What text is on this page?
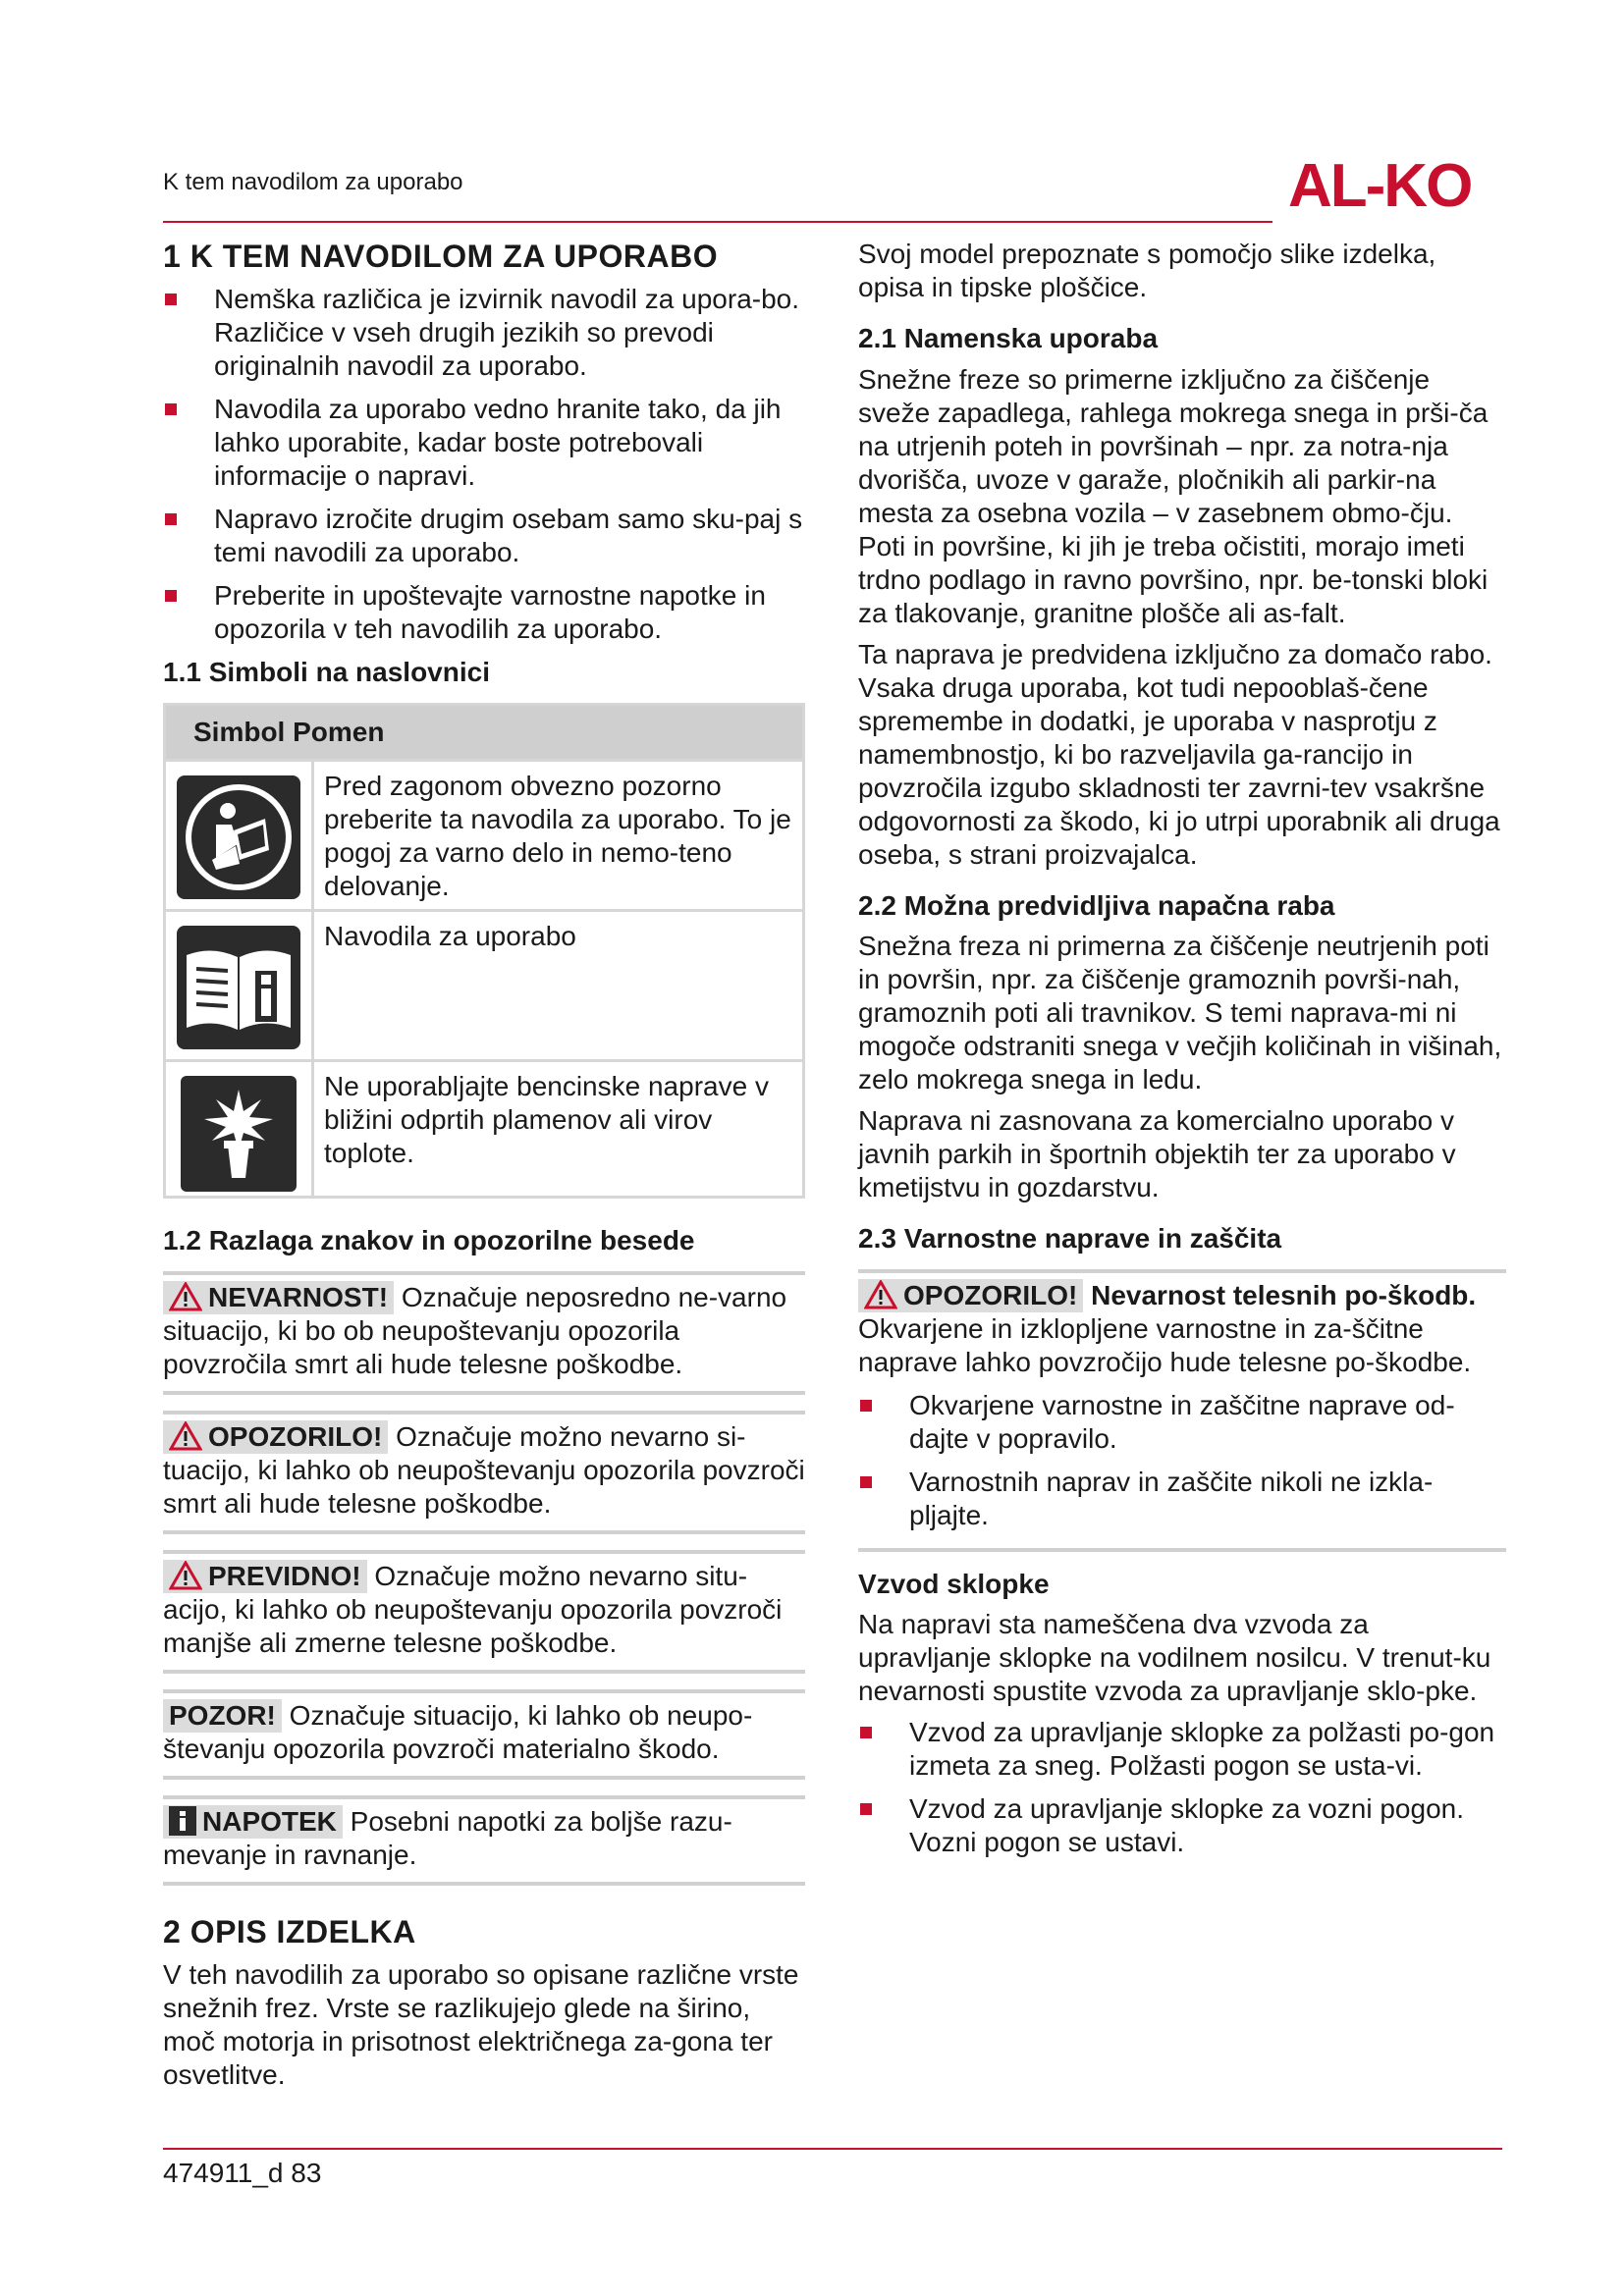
K tem navodilom za uporabo	AL-KO
1 K TEM NAVODILOM ZA UPORABO
Nemška različica je izvirnik navodil za upora-bo. Različice v vseh drugih jezikih so prevodi originalnih navodil za uporabo.
Navodila za uporabo vedno hranite tako, da jih lahko uporabite, kadar boste potrebovali informacije o napravi.
Napravo izročite drugim osebam samo sku-paj s temi navodili za uporabo.
Preberite in upoštevajte varnostne napotke in opozorila v teh navodilih za uporabo.
1.1 Simboli na naslovnici
Simbol Pomen
Pred zagonom obvezno pozorno preberite ta navodila za uporabo. To je pogoj za varno delo in nemo-teno delovanje.
Navodila za uporabo
Ne uporabljajte bencinske naprave v bližini odprtih plamenov ali virov toplote.
1.2 Razlaga znakov in opozorilne besede
NEVARNOST! Označuje neposredno ne-varno situacijo, ki bo ob neupoštevanju opozorila povzročila smrt ali hude telesne poškodbe.
OPOZORILO! Označuje možno nevarno si-tuacijo, ki lahko ob neupoštevanju opozorila povzroči smrt ali hude telesne poškodbe.
PREVIDNO! Označuje možno nevarno situ-acijo, ki lahko ob neupoštevanju opozorila povzroči manjše ali zmerne telesne poškodbe.
POZOR! Označuje situacijo, ki lahko ob neupo-števanju opozorila povzroči materialno škodo.
NAPOTEK Posebni napotki za boljše razu-mevanje in ravnanje.
2 OPIS IZDELKA

V teh navodilih za uporabo so opisane različne vrste snežnih frez. Vrste se razlikujejo glede na širino, moč motorja in prisotnost električnega za-gona ter osvetlitve.

Svoj model prepoznate s pomočjo slike izdelka, opisa in tipske ploščice.

2.1 Namenska uporaba

Snežne freze so primerne izključno za čiščenje sveže zapadlega, rahlega mokrega snega in prši-ča na utrjenih poteh in površinah – npr. za notra-nja dvorišča, uvoze v garaže, pločnikih ali parkir-na mesta za osebna vozila – v zasebnem obmo-čju. Poti in površine, ki jih je treba očistiti, morajo imeti trdno podlago in ravno površino, npr. be-tonski bloki za tlakovanje, granitne plošče ali as-falt.

Ta naprava je predvidena izključno za domačo rabo. Vsaka druga uporaba, kot tudi nepooblaš-čene spremembe in dodatki, je uporaba v nasprotju z namembnostjo, ki bo razveljavila ga-rancijo in povzročila izgubo skladnosti ter zavrni-tev vsakršne odgovornosti za škodo, ki jo utrpi uporabnik ali druga oseba, s strani proizvajalca.

2.2 Možna predvidljiva napačna raba

Snežna freza ni primerna za čiščenje neutrjenih poti in površin, npr. za čiščenje gramoznih površi-nah, gramoznih poti ali travnikov. S temi naprava-mi ni mogoče odstraniti snega v večjih količinah in višinah, zelo mokrega snega in ledu.

Naprava ni zasnovana za komercialno uporabo v javnih parkih in športnih objektih ter za uporabo v kmetijstvu in gozdarstvu.

2.3 Varnostne naprave in zaščita
OPOZORILO! Nevarnost telesnih po-škodb. Okvarjene in izklopljene varnostne in za-ščitne naprave lahko povzročijo hude telesne po-škodbe.
Okvarjene varnostne in zaščitne naprave od-dajte v popravilo.
Varnostnih naprav in zaščite nikoli ne izkla-pljajte.
Vzvod sklopke

Na napravi sta nameščena dva vzvoda za upravljanje sklopke na vodilnem nosilcu. V trenut-ku nevarnosti spustite vzvoda za upravljanje sklo-pke.

Vzvod za upravljanje sklopke za polžasti po-gon izmeta za sneg. Polžasti pogon se usta-vi.
Vzvod za upravljanje sklopke za vozni pogon. Vozni pogon se ustavi.
474911_d 83
